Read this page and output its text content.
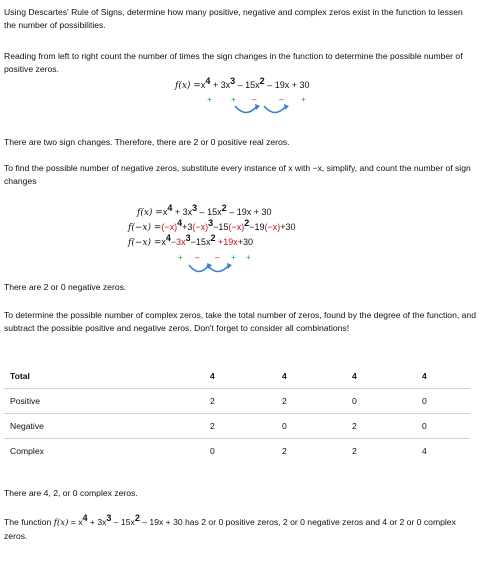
Using Descartes' Rule of Signs, determine how many positive, negative and complex zeros exist in the function to lessen the number of possibilities.

Reading from left to right count the number of times the sign changes in the function to determine the possible number of positive zeros.

$f(x) =x^4 + 3x^3 - 15x^2 - 19x + 30$
+ + –	– +

There are two sign changes. Therefore, there are 2 or 0 positive real zeros.

To find the possible number of negative zeros, substitute every instance of x with −x, simplify, and count the number of sign changes

$f(x) =x^4 + 3x^3 - 15x^2 - 19x + 30$
$f(-x) =(-x)^4+3(-x)^3-15(-x)^2-19(-x)+30$
$f(-x) =x^4-3x^3-15x^2 +19x+30$
+ – – + +

There are 2 or 0 negative zeros.

To determine the possible number of complex zeros, take the total number of zeros, found by the degree of the function, and subtract the possible positive and negative zeros. Don't forget to consider all combinations!

Total	4	4	4	4
Positive	2	2	0	0
Negative	2	0	2	0
Complex	0	2	2	4

There are 4, 2, or 0 complex zeros.

The function $f(x) = x^4 + 3x^3 - 15x^2 - 19x + 30$ has 2 or 0 positive zeros, 2 or 0 negative zeros and 4 or 2 or 0 complex zeros.
